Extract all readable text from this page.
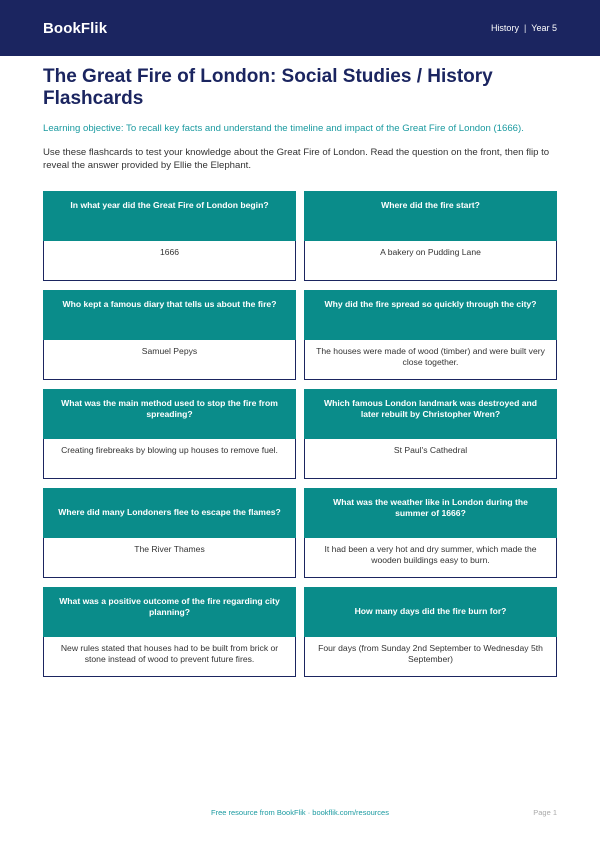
BookFlik	History | Year 5
The Great Fire of London: Social Studies / History Flashcards

Learning objective: To recall key facts and understand the timeline and impact of the Great Fire of London (1666).

Use these flashcards to test your knowledge about the Great Fire of London. Read the question on the front, then flip to reveal the answer provided by Ellie the Elephant.

In what year did the Great Fire of London begin?
1666
Where did the fire start?
A bakery on Pudding Lane
Who kept a famous diary that tells us about the fire?
Samuel Pepys
Why did the fire spread so quickly through the city?
The houses were made of wood (timber) and were built very close together.
What was the main method used to stop the fire from spreading?
Creating firebreaks by blowing up houses to remove fuel.
Which famous London landmark was destroyed and later rebuilt by Christopher Wren?
St Paul's Cathedral
Where did many Londoners flee to escape the flames?
The River Thames
What was the weather like in London during the summer of 1666?
It had been a very hot and dry summer, which made the wooden buildings easy to burn.
What was a positive outcome of the fire regarding city planning?
New rules stated that houses had to be built from brick or stone instead of wood to prevent future fires.
How many days did the fire burn for?
Four days (from Sunday 2nd September to Wednesday 5th September)
Free resource from BookFlik · bookflik.com/resources	Page 1
